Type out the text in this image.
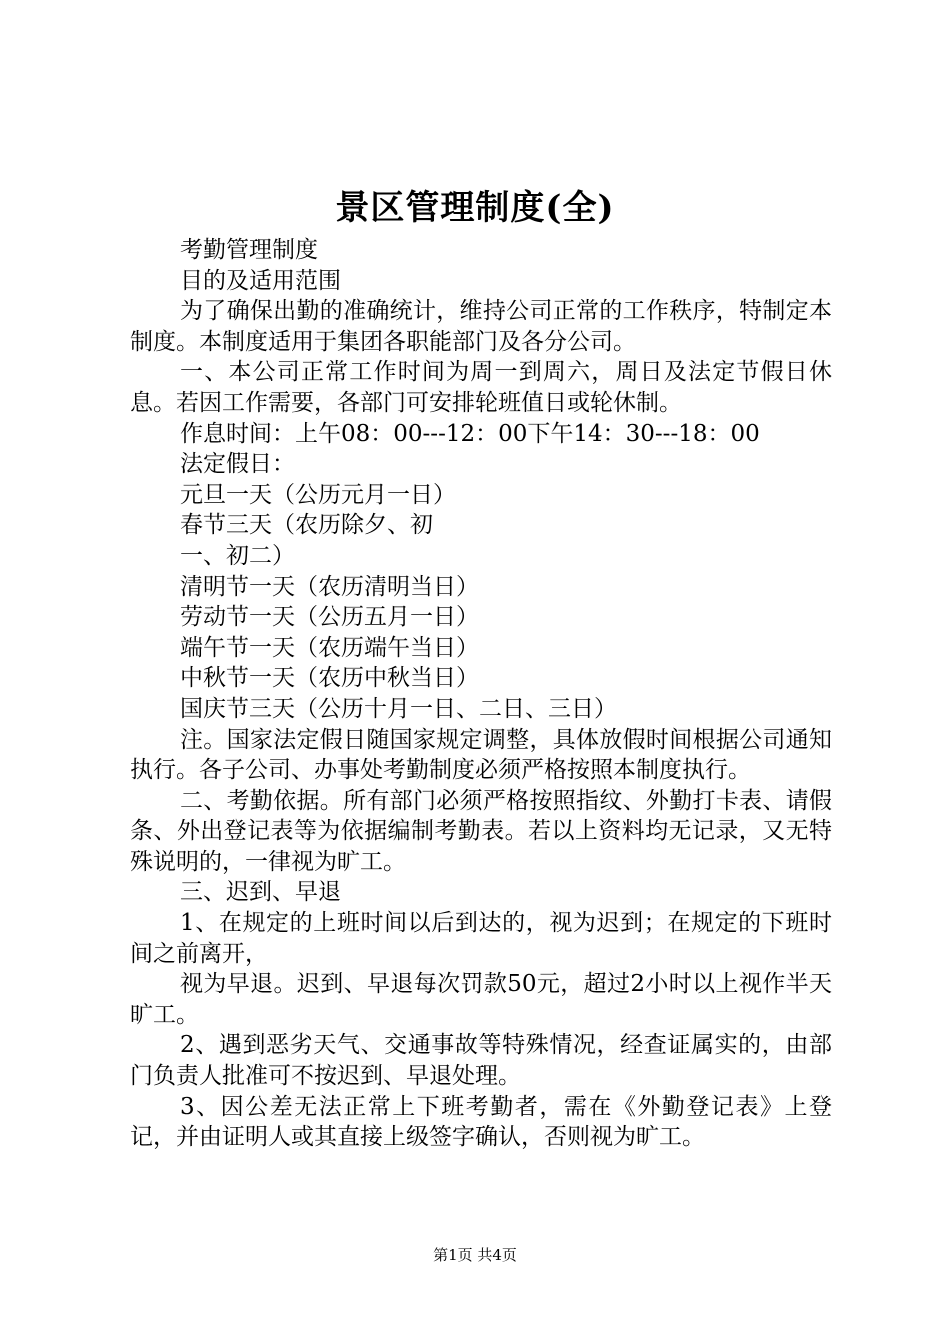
景区管理制度(全)

考勤管理制度

目的及适用范围

为了确保出勤的准确统计，维持公司正常的工作秩序，特制定本制度。本制度适用于集团各职能部门及各分公司。

一、本公司正常工作时间为周一到周六，周日及法定节假日休息。若因工作需要，各部门可安排轮班值日或轮休制。

作息时间：上午08：00---12：00下午14：30---18：00

法定假日：

元旦一天（公历元月一日）

春节三天（农历除夕、初

一、初二）

清明节一天（农历清明当日）

劳动节一天（公历五月一日）

端午节一天（农历端午当日）

中秋节一天（农历中秋当日）

国庆节三天（公历十月一日、二日、三日）

注。国家法定假日随国家规定调整，具体放假时间根据公司通知执行。各子公司、办事处考勤制度必须严格按照本制度执行。

二、考勤依据。所有部门必须严格按照指纹、外勤打卡表、请假条、外出登记表等为依据编制考勤表。若以上资料均无记录，又无特殊说明的，一律视为旷工。

三、迟到、早退

1、在规定的上班时间以后到达的，视为迟到；在规定的下班时间之前离开，

视为早退。迟到、早退每次罚款50元，超过2小时以上视作半天旷工。

2、遇到恶劣天气、交通事故等特殊情况，经查证属实的，由部门负责人批准可不按迟到、早退处理。

3、因公差无法正常上下班考勤者，需在《外勤登记表》上登记，并由证明人或其直接上级签字确认，否则视为旷工。

第1页 共4页
